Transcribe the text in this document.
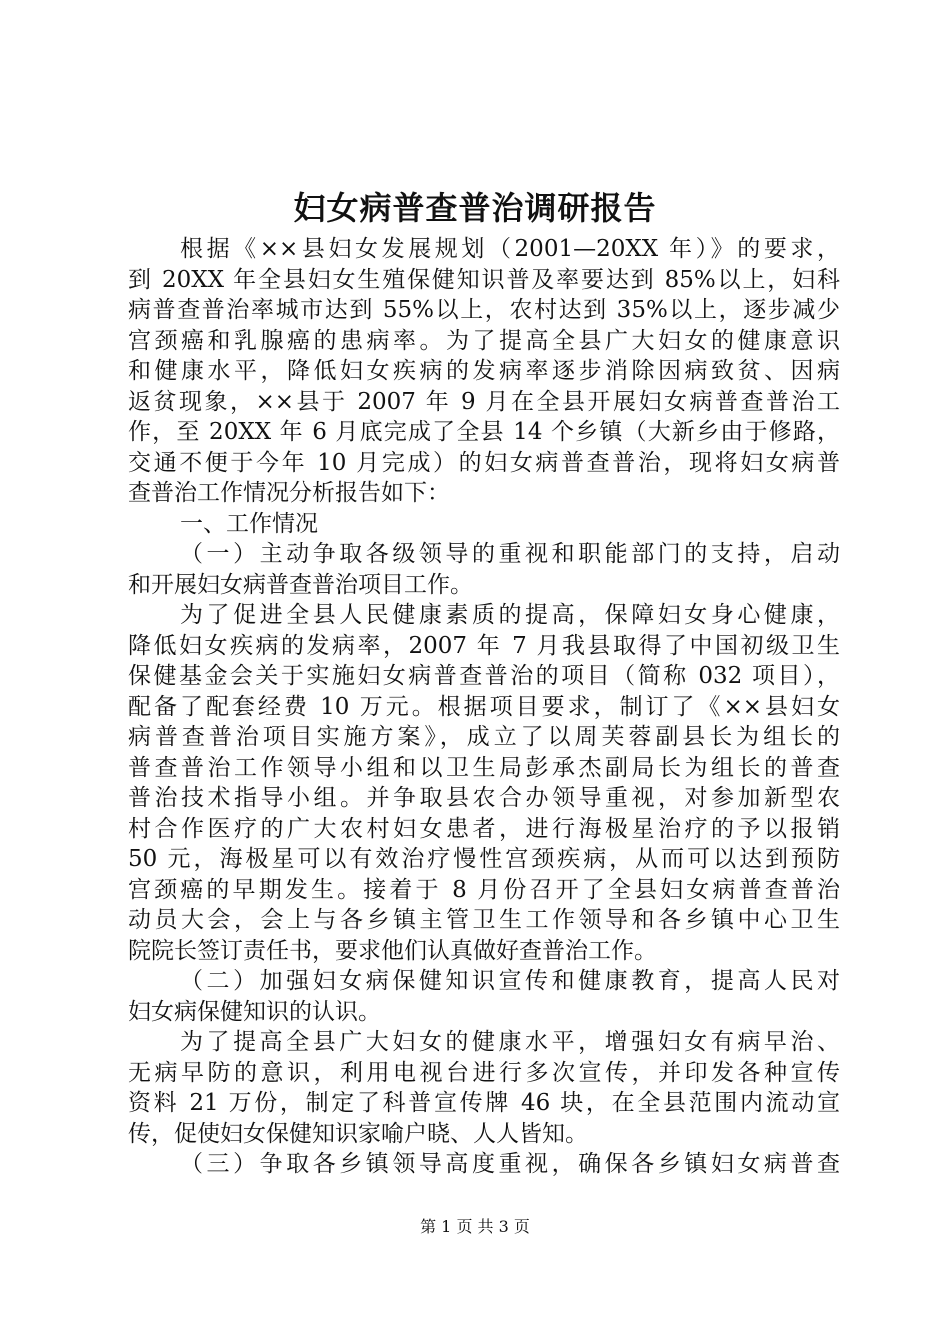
妇女病普查普治调研报告
根据《××县妇女发展规划（2001—20XX 年）》的要求，
到 20XX 年全县妇女生殖保健知识普及率要达到 85%以上，妇科
病普查普治率城市达到 55%以上，农村达到 35%以上，逐步减少
宫颈癌和乳腺癌的患病率。为了提高全县广大妇女的健康意识
和健康水平，降低妇女疾病的发病率逐步消除因病致贫、因病
返贫现象，××县于 2007 年 9 月在全县开展妇女病普查普治工
作，至 20XX 年 6 月底完成了全县 14 个乡镇（大新乡由于修路，
交通不便于今年 10 月完成）的妇女病普查普治，现将妇女病普
查普治工作情况分析报告如下：
一、工作情况
（一）主动争取各级领导的重视和职能部门的支持，启动
和开展妇女病普查普治项目工作。
为了促进全县人民健康素质的提高，保障妇女身心健康，
降低妇女疾病的发病率，2007 年 7 月我县取得了中国初级卫生
保健基金会关于实施妇女病普查普治的项目（简称 032 项目），
配备了配套经费 10 万元。根据项目要求，制订了《××县妇女
病普查普治项目实施方案》，成立了以周芙蓉副县长为组长的
普查普治工作领导小组和以卫生局彭承杰副局长为组长的普查
普治技术指导小组。并争取县农合办领导重视，对参加新型农
村合作医疗的广大农村妇女患者，进行海极星治疗的予以报销
50 元，海极星可以有效治疗慢性宫颈疾病，从而可以达到预防
宫颈癌的早期发生。接着于 8 月份召开了全县妇女病普查普治
动员大会，会上与各乡镇主管卫生工作领导和各乡镇中心卫生
院院长签订责任书，要求他们认真做好查普治工作。
（二）加强妇女病保健知识宣传和健康教育，提高人民对
妇女病保健知识的认识。
为了提高全县广大妇女的健康水平，增强妇女有病早治、
无病早防的意识，利用电视台进行多次宣传，并印发各种宣传
资料 21 万份，制定了科普宣传牌 46 块，在全县范围内流动宣
传，促使妇女保健知识家喻户晓、人人皆知。
（三）争取各乡镇领导高度重视，确保各乡镇妇女病普查
第 1 页 共 3 页
